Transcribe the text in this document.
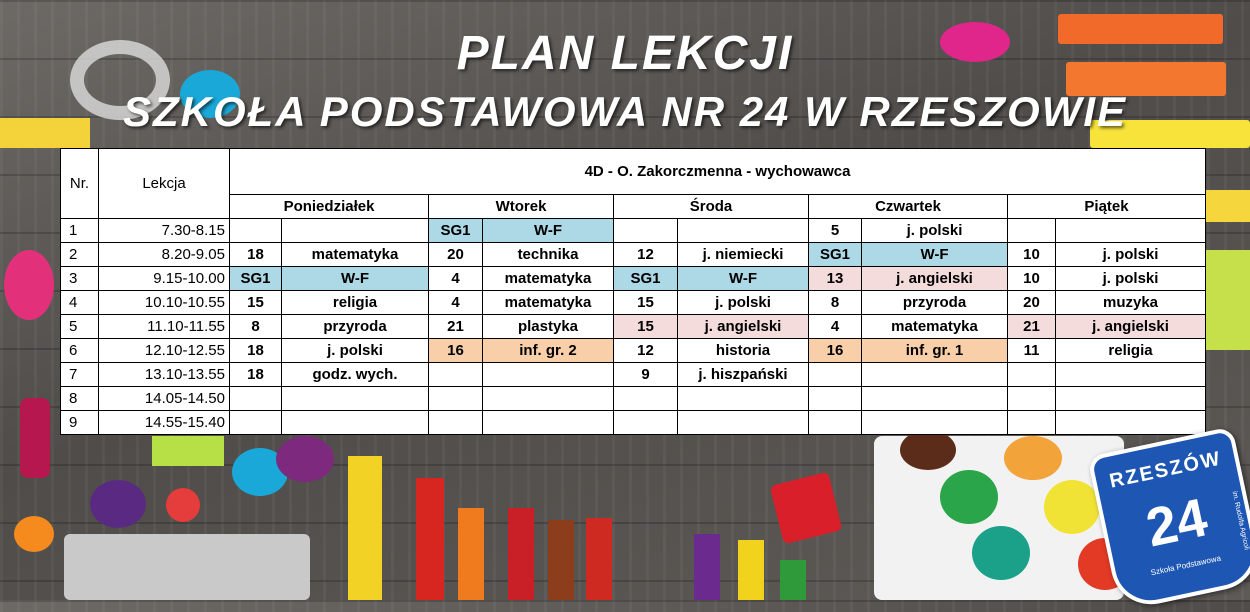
PLAN LEKCJI
SZKOŁA PODSTAWOWA NR 24 W RZESZOWIE
Nr.	Lekcja	4D - O. Zakorczmenna - wychowawca									
		Poniedziałek		Wtorek		Środa		Czwartek		Piątek	
1	7.30-8.15			SG1	W-F			5	j. polski		
2	8.20-9.05	18	matematyka	20	technika	12	j. niemiecki	SG1	W-F	10	j. polski
3	9.15-10.00	SG1	W-F	4	matematyka	SG1	W-F	13	j. angielski	10	j. polski
4	10.10-10.55	15	religia	4	matematyka	15	j. polski	8	przyroda	20	muzyka
5	11.10-11.55	8	przyroda	21	plastyka	15	j. angielski	4	matematyka	21	j. angielski
6	12.10-12.55	18	j. polski	16	inf. gr. 2	12	historia	16	inf. gr. 1	11	religia
7	13.10-13.55	18	godz. wych.			9	j. hiszpański				
8	14.05-14.50										
9	14.55-15.40										
RZESZÓW
24
Szkoła Podstawowa
im. Rudolfa Agricoli
